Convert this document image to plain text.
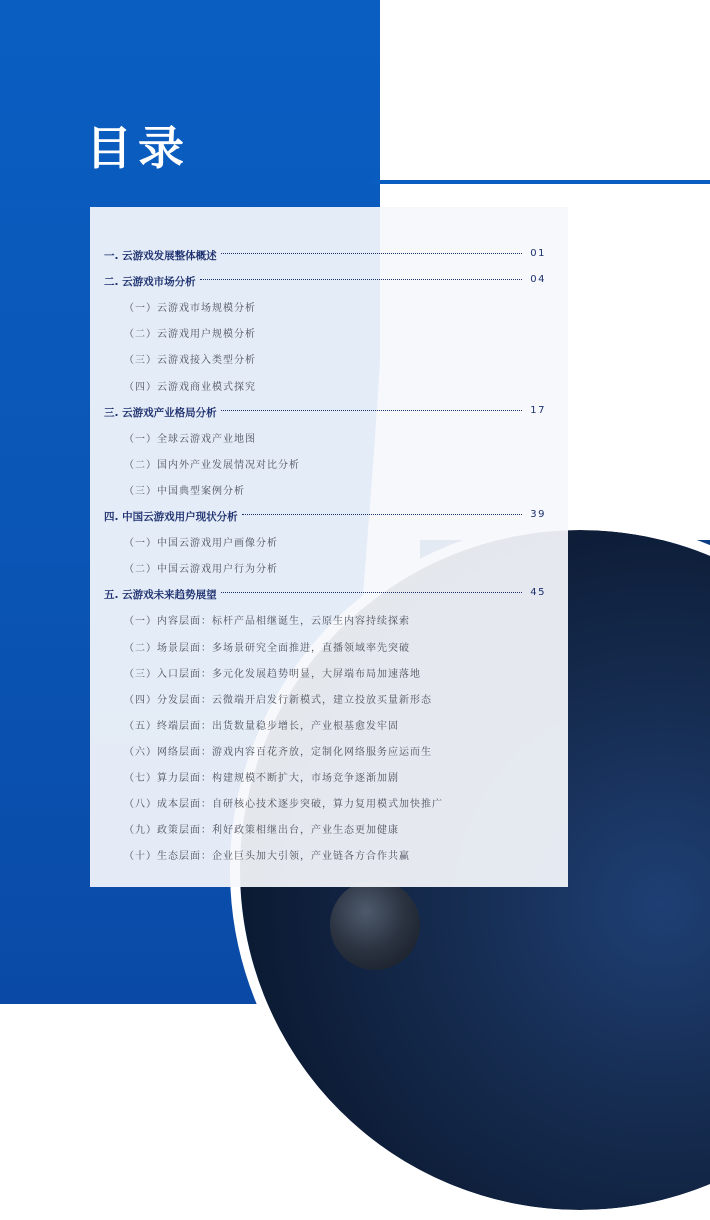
目录
一. 云游戏发展整体概述	01
二. 云游戏市场分析	04
（一）云游戏市场规模分析
（二）云游戏用户规模分析
（三）云游戏接入类型分析
（四）云游戏商业模式探究
三. 云游戏产业格局分析	17
（一）全球云游戏产业地图
（二）国内外产业发展情况对比分析
（三）中国典型案例分析
四. 中国云游戏用户现状分析	39
（一）中国云游戏用户画像分析
（二）中国云游戏用户行为分析
五. 云游戏未来趋势展望	45
（一）内容层面：标杆产品相继诞生，云原生内容持续探索
（二）场景层面：多场景研究全面推进，直播领域率先突破
（三）入口层面：多元化发展趋势明显，大屏端布局加速落地
（四）分发层面：云微端开启发行新模式，建立投放买量新形态
（五）终端层面：出货数量稳步增长，产业根基愈发牢固
（六）网络层面：游戏内容百花齐放，定制化网络服务应运而生
（七）算力层面：构建规模不断扩大，市场竞争逐渐加剧
（八）成本层面：自研核心技术逐步突破，算力复用模式加快推广
（九）政策层面：利好政策相继出台，产业生态更加健康
（十）生态层面：企业巨头加大引领，产业链各方合作共赢
